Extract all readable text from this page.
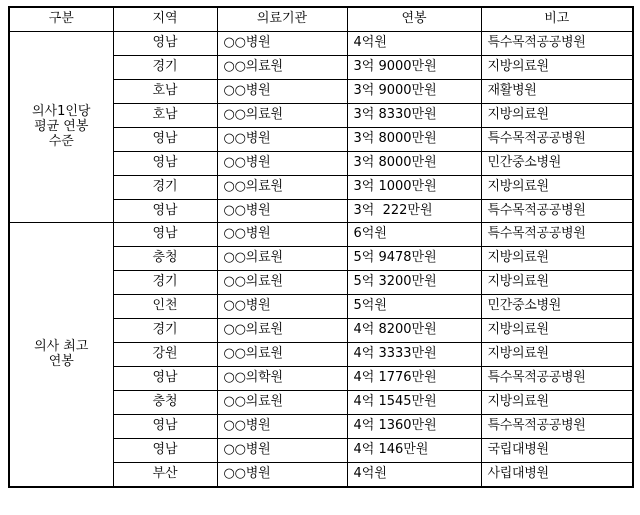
구분	지역	의료기관	연봉	비고
의사1인당
평균 연봉
수준	영남	○○병원	4억원	특수목적공공병원
	경기	○○의료원	3억 9000만원	지방의료원
	호남	○○병원	3억 9000만원	재활병원
	호남	○○의료원	3억 8330만원	지방의료원
	영남	○○병원	3억 8000만원	특수목적공공병원
	영남	○○병원	3억 8000만원	민간중소병원
	경기	○○의료원	3억 1000만원	지방의료원
	영남	○○병원	3억  222만원	특수목적공공병원
의사 최고
연봉	영남	○○병원	6억원	특수목적공공병원
	충청	○○의료원	5억 9478만원	지방의료원
	경기	○○의료원	5억 3200만원	지방의료원
	인천	○○병원	5억원	민간중소병원
	경기	○○의료원	4억 8200만원	지방의료원
	강원	○○의료원	4억 3333만원	지방의료원
	영남	○○의학원	4억 1776만원	특수목적공공병원
	충청	○○의료원	4억 1545만원	지방의료원
	영남	○○병원	4억 1360만원	특수목적공공병원
	영남	○○병원	4억 146만원	국립대병원
	부산	○○병원	4억원	사립대병원
